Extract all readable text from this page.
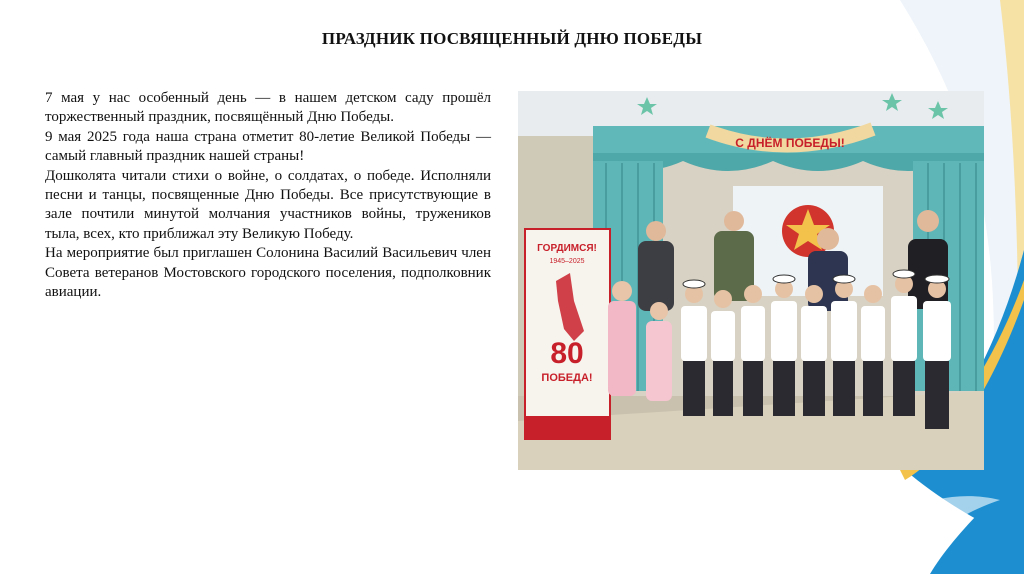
ПРАЗДНИК ПОСВЯЩЕННЫЙ ДНЮ ПОБЕДЫ

7 мая у нас особенный день — в нашем детском саду прошёл торжественный праздник, посвящённый Дню Победы.

9 мая 2025 года наша страна отметит 80-летие Великой Победы — самый главный праздник нашей страны!

Дошколята читали стихи о войне, о солдатах, о победе. Исполняли песни и танцы, посвященные Дню Победы. Все присутствующие в зале почтили минутой молчания участников войны, тружеников тыла, всех, кто приближал эту Великую Победу.

На мероприятие был приглашен Солонина Василий Васильевич член Совета ветеранов Мостовского городского поселения, подполковник авиации.

С ДНЁМ ПОБЕДЫ!
ГОРДИМСЯ!
1945–2025
80
ПОБЕДА!
